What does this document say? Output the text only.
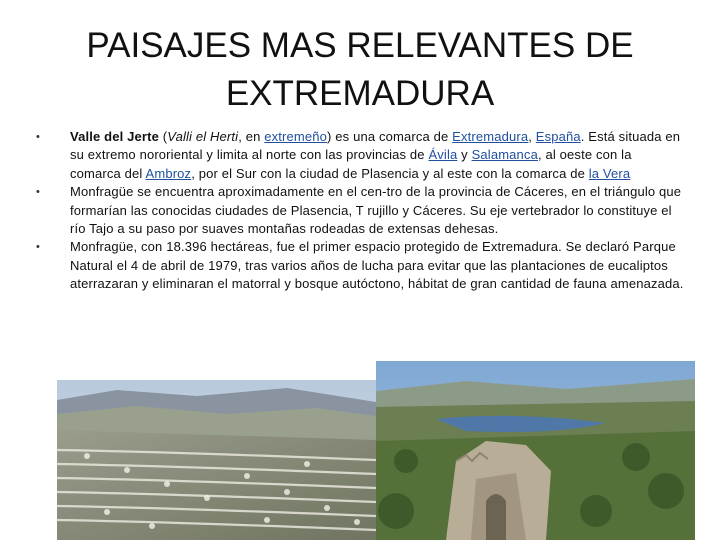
PAISAJES MAS RELEVANTES DE
EXTREMADURA
• Valle del Jerte (Valli el Herti, en extremeño) es una comarca de Extremadura, España. Está situada en su extremo nororiental y limita al norte con las provincias de Ávila y Salamanca, al oeste con la comarca del Ambroz, por el Sur con la ciudad de Plasencia y al este con la comarca de la Vera
• Monfragüe se encuentra aproximadamente en el cen-tro de la provincia de Cáceres, en el triángulo que formarían las conocidas ciudades de Plasencia, T rujillo y Cáceres. Su eje vertebrador lo constituye el río Tajo a su paso por suaves montañas rodeadas de extensas dehesas.
• Monfragüe, con 18.396 hectáreas, fue el primer espacio protegido de Extremadura. Se declaró Parque Natural el 4 de abril de 1979, tras varios años de lucha para evitar que las plantaciones de eucaliptos aterrazaran y eliminaran el matorral y bosque autóctono, hábitat de gran cantidad de fauna amenazada.
